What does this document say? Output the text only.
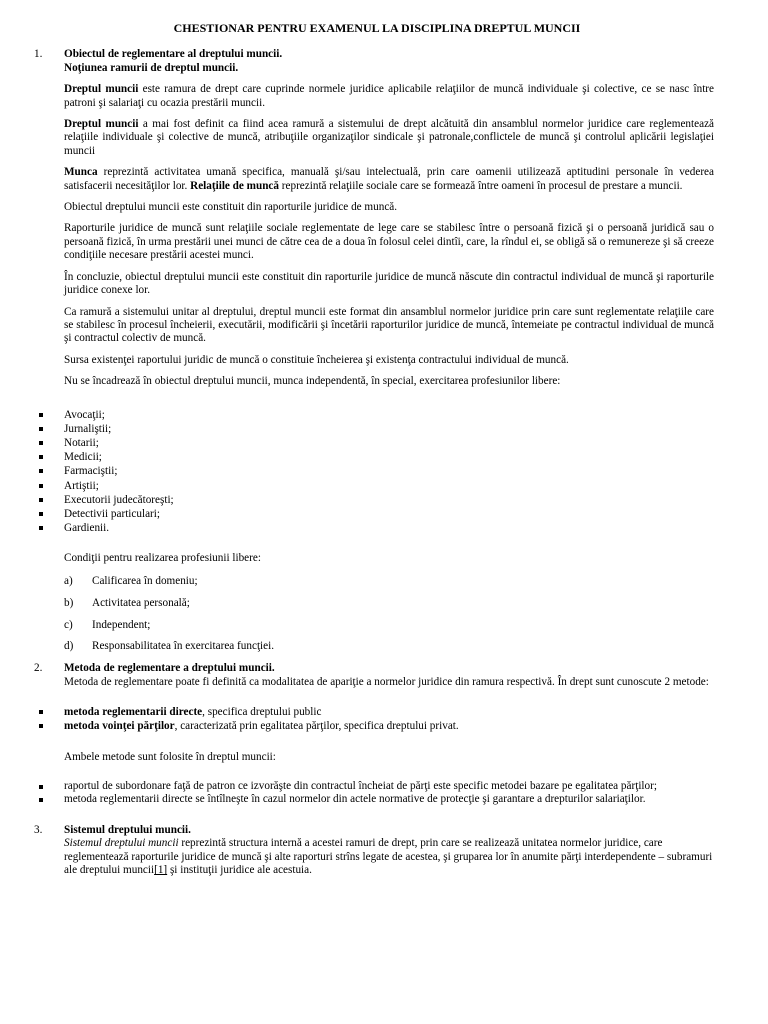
CHESTIONAR PENTRU EXAMENUL LA DISCIPLINA DREPTUL MUNCII
1. Obiectul de reglementare al dreptului muncii.
Noţiunea ramurii de dreptul muncii.

Dreptul muncii este ramura de drept care cuprinde normele juridice aplicabile relaţiilor de muncă individuale şi colective, ce se nasc între patroni şi salariaţi cu ocazia prestării muncii.

Dreptul muncii a mai fost definit ca fiind acea ramură a sistemului de drept alcătuită din ansamblul normelor juridice care reglementează relaţiile individuale şi colective de muncă, atribuţiile organizaţilor sindicale şi patronale,conflictele de muncă şi controlul aplicării legislaţiei muncii

Munca reprezintă activitatea umană specifica, manuală şi/sau intelectuală, prin care oamenii utilizează aptitudini personale în vederea satisfacerii necesităţilor lor. Relaţiile de muncă reprezintă relaţiile sociale care se formează între oameni în procesul de prestare a muncii.

Obiectul dreptului muncii este constituit din raporturile juridice de muncă.

Raporturile juridice de muncă sunt relaţiile sociale reglementate de lege care se stabilesc între o persoană fizică şi o persoană juridică sau o persoană fizică, în urma prestării unei munci de către cea de a doua în folosul celei dintîi, care, la rîndul ei, se obligă să o remunereze şi să creeze condiţiile necesare prestării acestei munci.

În concluzie, obiectul dreptului muncii este constituit din raporturile juridice de muncă născute din contractul individual de muncă şi raporturile juridice conexe lor.

Ca ramură a sistemului unitar al dreptului, dreptul muncii este format din ansamblul normelor juridice prin care sunt reglementate relaţiile care se stabilesc în procesul încheierii, executării, modificării şi încetării raporturilor juridice de muncă, întemeiate pe contractul individual de muncă şi contractul colectiv de muncă.

Sursa existenţei raportului juridic de muncă o constituie încheierea şi existenţa contractului individual de muncă.

Nu se încadrează în obiectul dreptului muncii, munca independentă, în special, exercitarea profesiunilor libere:

Avocaţii;
Jurnaliştii;
Notarii;
Medicii;
Farmaciştii;
Artiştii;
Executorii judecătoreşti;
Detectivii particulari;
Gardienii.

Condiţii pentru realizarea profesiunii libere:

a) Calificarea în domeniu;
b) Activitatea personală;
c) Independent;
d) Responsabilitatea în exercitarea funcţiei.
2. Metoda de reglementare a dreptului muncii.

Metoda de reglementare poate fi definită ca modalitatea de apariţie a normelor juridice din ramura respectivă. În drept sunt cunoscute 2 metode:

metoda reglementarii directe, specifica dreptului public
metoda voinţei părţilor, caracterizată prin egalitatea părţilor, specifica dreptului privat.

Ambele metode sunt folosite în dreptul muncii:

raportul de subordonare faţă de patron ce izvorăşte din contractul încheiat de părţi este specific metodei bazare pe egalitatea părţilor;
metoda reglementarii directe se întîlneşte în cazul normelor din actele normative de protecţie şi garantare a drepturilor salariaţilor.
3. Sistemul dreptului muncii.

Sistemul dreptului muncii reprezintă structura internă a acestei ramuri de drept, prin care se realizează unitatea normelor juridice, care reglementează raporturile juridice de muncă şi alte raporturi strîns legate de acestea, şi gruparea lor în anumite părţi interdependente – subramuri ale dreptului muncii[1] şi instituţii juridice ale acestuia.
